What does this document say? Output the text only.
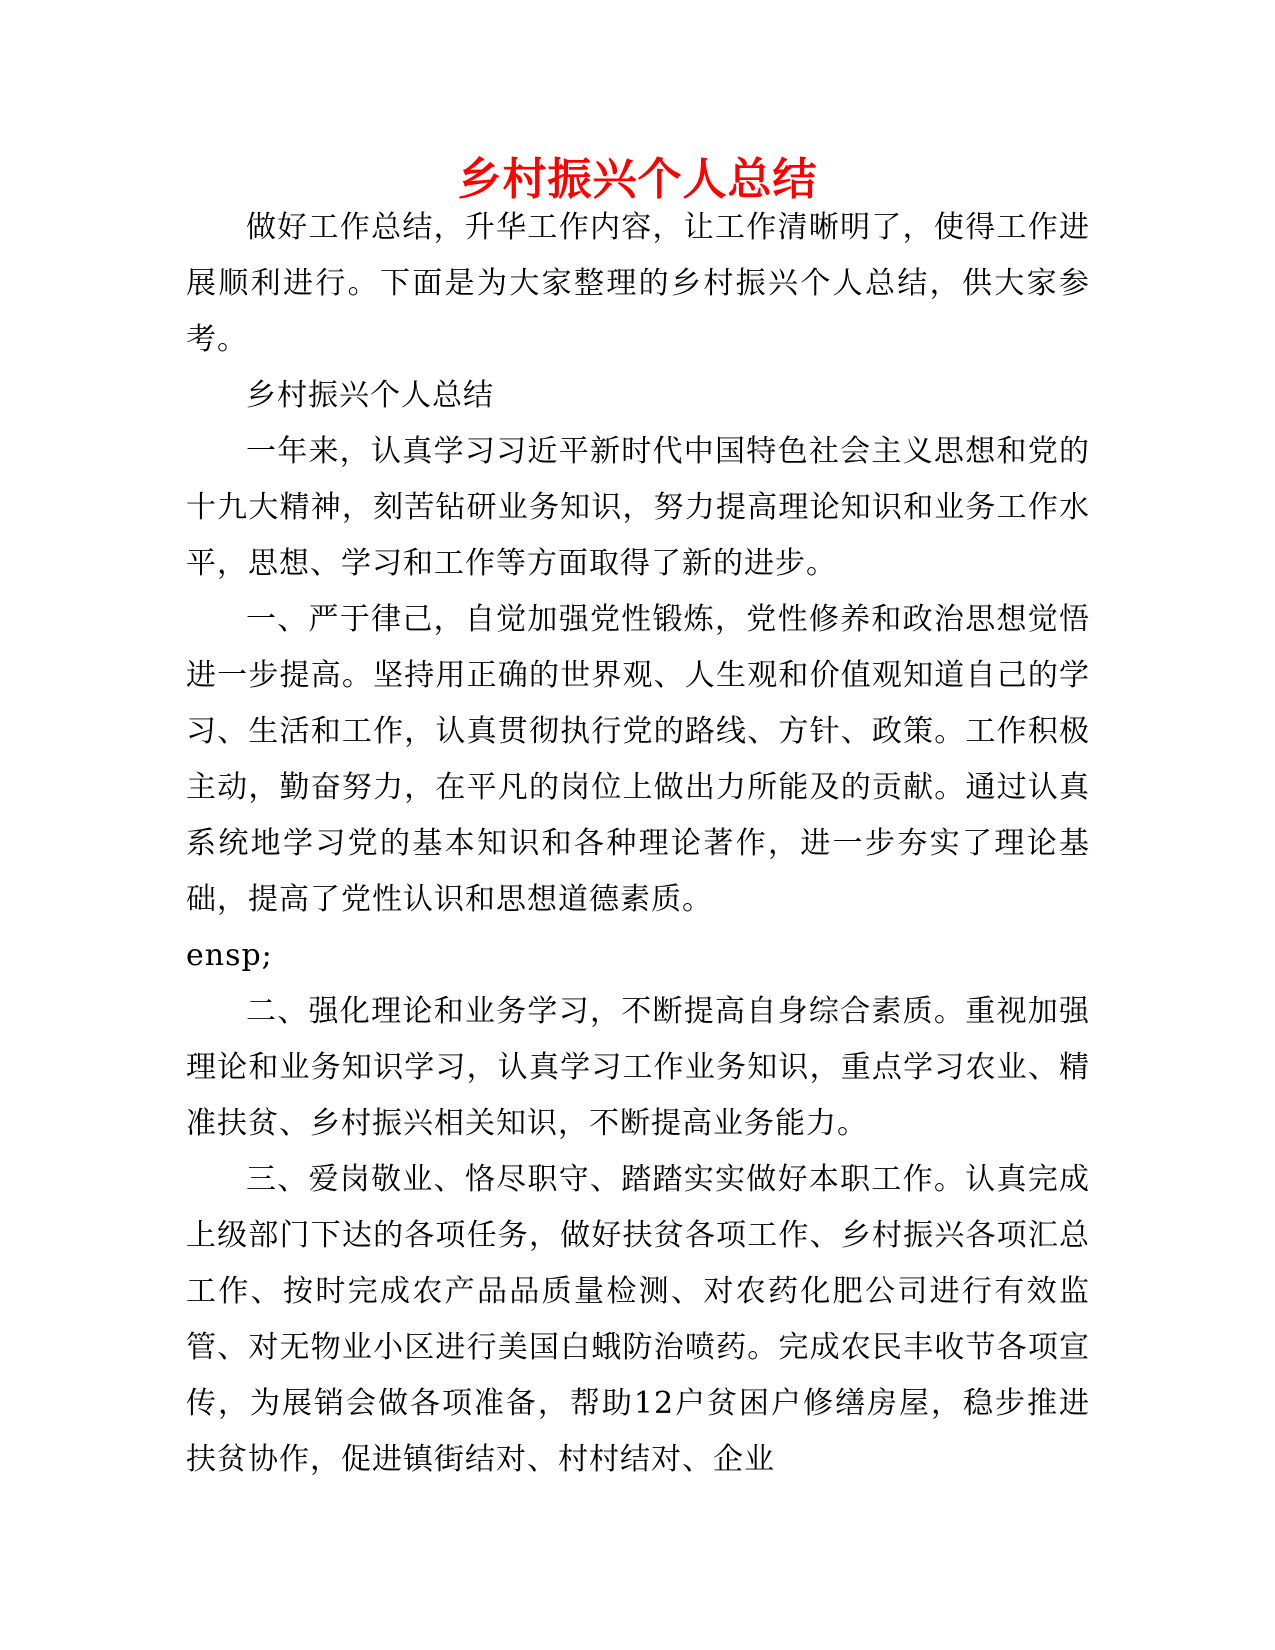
乡村振兴个人总结

做好工作总结，升华工作内容，让工作清晰明了，使得工作进展顺利进行。下面是为大家整理的乡村振兴个人总结，供大家参考。

乡村振兴个人总结

一年来，认真学习习近平新时代中国特色社会主义思想和党的十九大精神，刻苦钻研业务知识，努力提高理论知识和业务工作水平，思想、学习和工作等方面取得了新的进步。

一、严于律己，自觉加强党性锻炼，党性修养和政治思想觉悟进一步提高。坚持用正确的世界观、人生观和价值观知道自己的学习、生活和工作，认真贯彻执行党的路线、方针、政策。工作积极主动，勤奋努力，在平凡的岗位上做出力所能及的贡献。通过认真系统地学习党的基本知识和各种理论著作，进一步夯实了理论基础，提高了党性认识和思想道德素质。

ensp;

二、强化理论和业务学习，不断提高自身综合素质。重视加强理论和业务知识学习，认真学习工作业务知识，重点学习农业、精准扶贫、乡村振兴相关知识，不断提高业务能力。

三、爱岗敬业、恪尽职守、踏踏实实做好本职工作。认真完成上级部门下达的各项任务，做好扶贫各项工作、乡村振兴各项汇总工作、按时完成农产品品质量检测、对农药化肥公司进行有效监管、对无物业小区进行美国白蛾防治喷药。完成农民丰收节各项宣传，为展销会做各项准备，帮助12户贫困户修缮房屋，稳步推进扶贫协作，促进镇街结对、村村结对、企业
